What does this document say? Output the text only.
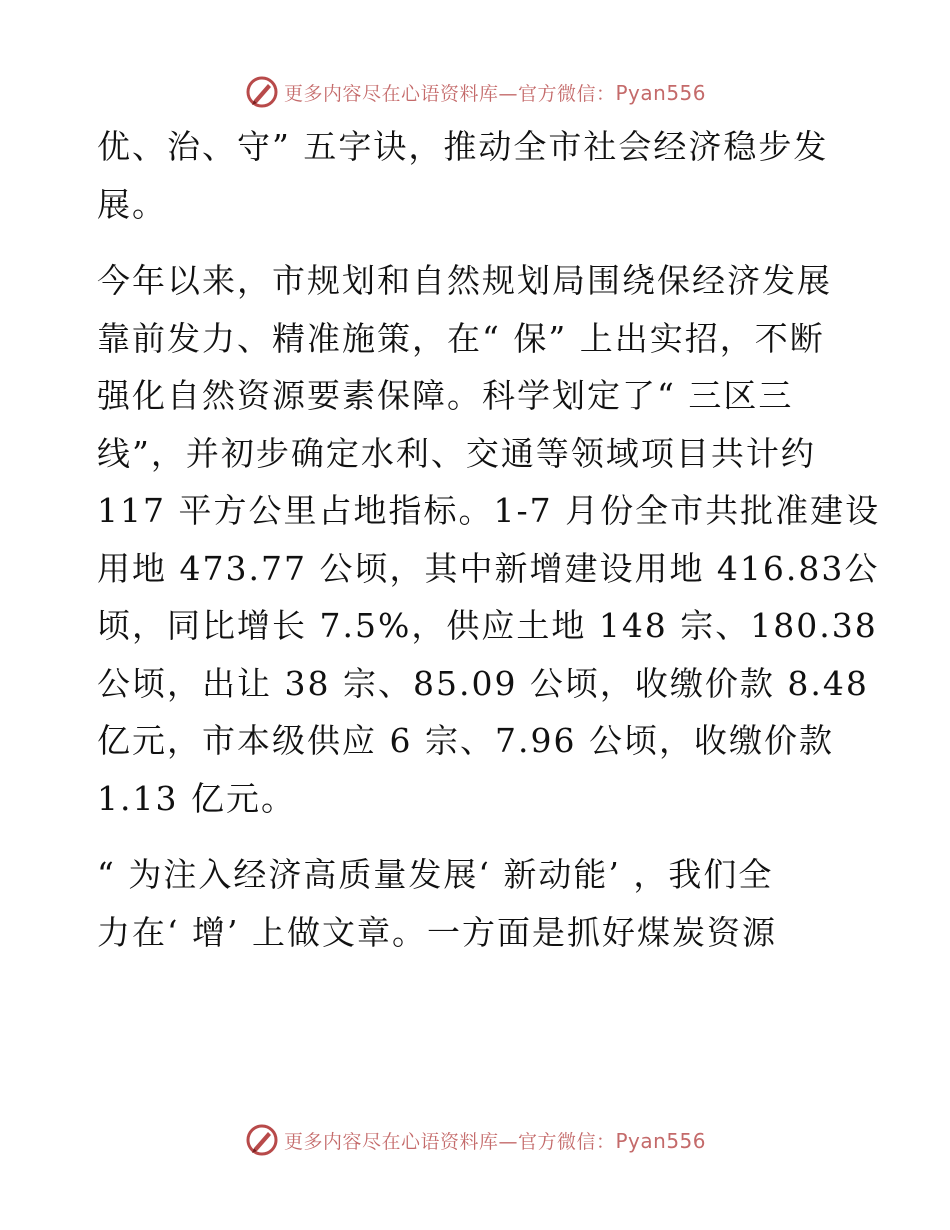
更多内容尽在心语资料库—官方微信：Pyan556

优、治、守” 五字诀，推动全市社会经济稳步发
展。

今年以来，市规划和自然规划局围绕保经济发展
靠前发力、精准施策，在“ 保” 上出实招，不断
强化自然资源要素保障。科学划定了“ 三区三
线”，并初步确定水利、交通等领域项目共计约
117 平方公里占地指标。1-7 月份全市共批准建设
用地 473.77 公顷，其中新增建设用地 416.83公
顷，同比增长 7.5%，供应土地 148 宗、180.38
公顷，出让 38 宗、85.09 公顷，收缴价款 8.48
亿元，市本级供应 6 宗、7.96 公顷，收缴价款
1.13 亿元。

“ 为注入经济高质量发展‘ 新动能’ ，我们全
力在‘ 增’ 上做文章。一方面是抓好煤炭资源

更多内容尽在心语资料库—官方微信：Pyan556
